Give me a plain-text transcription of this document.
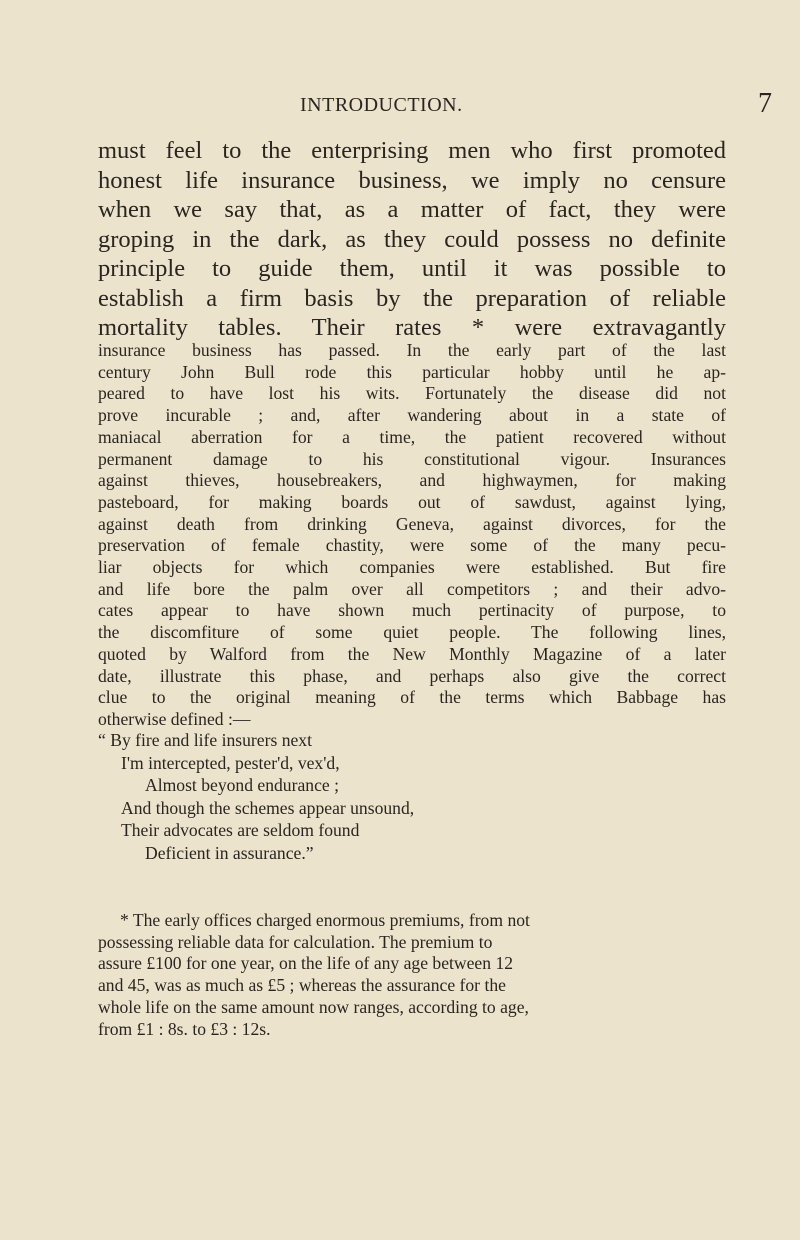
INTRODUCTION.	7
must feel to the enterprising men who first promoted
honest life insurance business, we imply no censure
when we say that, as a matter of fact, they were
groping in the dark, as they could possess no definite
principle to guide them, until it was possible to
establish a firm basis by the preparation of reliable
mortality tables. Their rates * were extravagantly
insurance business has passed. In the early part of the last
century John Bull rode this particular hobby until he ap-
peared to have lost his wits. Fortunately the disease did not
prove incurable ; and, after wandering about in a state of
maniacal aberration for a time, the patient recovered without
permanent damage to his constitutional vigour. Insurances
against thieves, housebreakers, and highwaymen, for making
pasteboard, for making boards out of sawdust, against lying,
against death from drinking Geneva, against divorces, for the
preservation of female chastity, were some of the many pecu-
liar objects for which companies were established. But fire
and life bore the palm over all competitors ; and their advo-
cates appear to have shown much pertinacity of purpose, to
the discomfiture of some quiet people. The following lines,
quoted by Walford from the New Monthly Magazine of a later
date, illustrate this phase, and perhaps also give the correct
clue to the original meaning of the terms which Babbage has
otherwise defined :—
“ By fire and life insurers next
I'm intercepted, pester'd, vex'd,
Almost beyond endurance ;
And though the schemes appear unsound,
Their advocates are seldom found
Deficient in assurance.”
* The early offices charged enormous premiums, from not
possessing reliable data for calculation. The premium to
assure £100 for one year, on the life of any age between 12
and 45, was as much as £5 ; whereas the assurance for the
whole life on the same amount now ranges, according to age,
from £1 : 8s. to £3 : 12s.
